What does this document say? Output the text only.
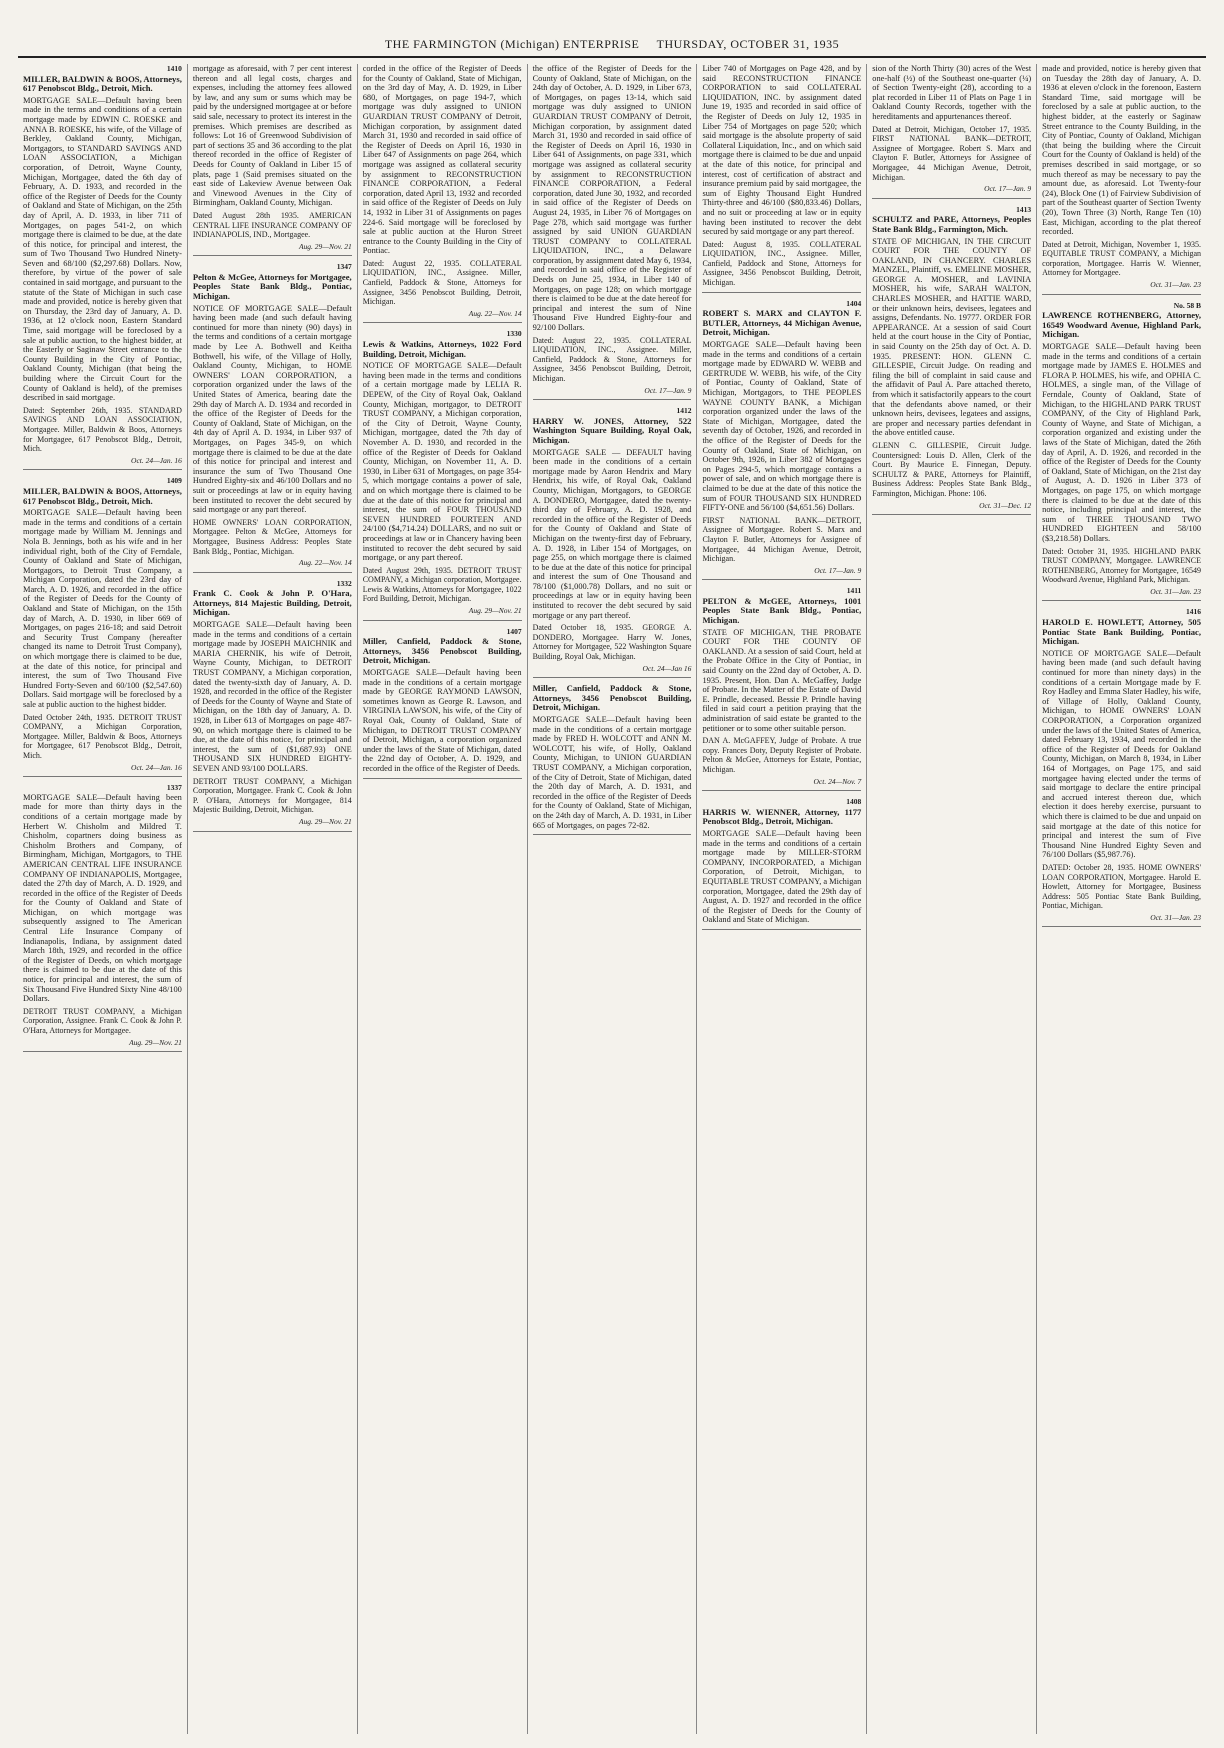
THE FARMINGTON (Michigan) ENTERPRISE THURSDAY, OCTOBER 31, 1935
1410
MILLER, BALDWIN & BOOS, Attorneys, 617 Penobscot Bldg., Detroit, Mich.
MORTGAGE SALE—Default having been made in the terms and conditions of a certain mortgage made by EDWIN C. ROESKE and ANNA B. ROESKE, his wife, of the Village of Berkley, Oakland County, Michigan, Mortgagors, to STANDARD SAVINGS AND LOAN ASSOCIATION, a Michigan corporation, of Detroit, Wayne County, Michigan, Mortgagee, dated the 6th day of February, A. D. 1933, and recorded in the office of the Register of Deeds for the County of Oakland and State of Michigan, on the 25th day of April, A. D. 1933, in liber 711 of Mortgages, on pages 541-2, on which mortgage there is claimed to be due, at the date of this notice, for principal and interest, the sum of Two Thousand Two Hundred Ninety-Seven and 68/100 ($2,297.68) Dollars. Now, therefore, by virtue of the power of sale contained in said mortgage, and pursuant to the statute of the State of Michigan in such case made and provided, notice is hereby given that on Thursday, the 23rd day of January, A. D. 1936, at 12 o'clock noon, Eastern Standard Time, said mortgage will be foreclosed by a sale at public auction, to the highest bidder, at the Easterly or Saginaw Street entrance to the County Building in the City of Pontiac, Oakland County, Michigan (that being the building where the Circuit Court for the County of Oakland is held), of the premises described in said mortgage.
Dated: September 26th, 1935. STANDARD SAVINGS AND LOAN ASSOCIATION, Mortgagee. Miller, Baldwin & Boos, Attorneys for Mortgagee, 617 Penobscot Bldg., Detroit, Mich.
Oct. 24—Jan. 16
1409
MILLER, BALDWIN & BOOS, Attorneys, 617 Penobscot Bldg., Detroit, Mich.
MORTGAGE SALE—Default having been made in the terms and conditions of a certain mortgage made by William M. Jennings and Nola B. Jennings, both as his wife and in her individual right, both of the City of Ferndale, County of Oakland and State of Michigan, Mortgagors, to Detroit Trust Company, a Michigan Corporation, dated the 23rd day of March, A. D. 1926, and recorded in the office of the Register of Deeds for the County of Oakland and State of Michigan, on the 15th day of March, A. D. 1930, in liber 669 of Mortgages, on pages 216-18; and said Detroit and Security Trust Company (hereafter changed its name to Detroit Trust Company), on which mortgage there is claimed to be due, at the date of this notice, for principal and interest, the sum of Two Thousand Five Hundred Forty-Seven and 60/100 ($2,547.60) Dollars. Said mortgage will be foreclosed by a sale at public auction to the highest bidder.
Dated October 24th, 1935. DETROIT TRUST COMPANY, a Michigan Corporation, Mortgagee. Miller, Baldwin & Boos, Attorneys for Mortgagee, 617 Penobscot Bldg., Detroit, Mich.
Oct. 24—Jan. 16
1337
MORTGAGE SALE—Default having been made for more than thirty days in the conditions of a certain mortgage made by Herbert W. Chisholm and Mildred T. Chisholm, copartners doing business as Chisholm Brothers and Company, of Birmingham, Michigan, Mortgagors, to THE AMERICAN CENTRAL LIFE INSURANCE COMPANY OF INDIANAPOLIS, Mortgagee, dated the 27th day of March, A. D. 1929, and recorded in the office of the Register of Deeds for the County of Oakland and State of Michigan, on which mortgage was subsequently assigned to The American Central Life Insurance Company of Indianapolis, Indiana, by assignment dated March 18th, 1929, and recorded in the office of the Register of Deeds, on which mortgage there is claimed to be due at the date of this notice, for principal and interest, the sum of Six Thousand Five Hundred Sixty Nine 48/100 Dollars.
DETROIT TRUST COMPANY, a Michigan Corporation, Assignee. Frank C. Cook & John P. O'Hara, Attorneys for Mortgagee.
Aug. 29—Nov. 21
mortgage as aforesaid, with 7 per cent interest thereon and all legal costs, charges and expenses, including the attorney fees allowed by law, and any sum or sums which may be paid by the undersigned mortgagee at or before said sale, necessary to protect its interest in the premises. Which premises are described as follows: Lot 16 of Greenwood Subdivision of part of sections 35 and 36 according to the plat thereof recorded in the office of Register of Deeds for County of Oakland in Liber 15 of plats, page 1 (Said premises situated on the east side of Lakeview Avenue between Oak and Vinewood Avenues in the City of Birmingham, Oakland County, Michigan.
Dated August 28th 1935. AMERICAN CENTRAL LIFE INSURANCE COMPANY OF INDIANAPOLIS, IND., Mortgagee.
Aug. 29—Nov. 21
1347
Pelton & McGee, Attorneys for Mortgagee, Peoples State Bank Bldg., Pontiac, Michigan.
NOTICE OF MORTGAGE SALE—Default having been made (and such default having continued for more than ninety (90) days) in the terms and conditions of a certain mortgage made by Lee A. Bothwell and Keitha Bothwell, his wife, of the Village of Holly, Oakland County, Michigan, to HOME OWNERS' LOAN CORPORATION, a corporation organized under the laws of the United States of America, bearing date the 29th day of March A. D. 1934 and recorded in the office of the Register of Deeds for the County of Oakland, State of Michigan, on the 4th day of April A. D. 1934, in Liber 937 of Mortgages, on Pages 345-9, on which mortgage there is claimed to be due at the date of this notice for principal and interest and insurance the sum of Two Thousand One Hundred Eighty-six and 46/100 Dollars and no suit or proceedings at law or in equity having been instituted to recover the debt secured by said mortgage or any part thereof.
HOME OWNERS' LOAN CORPORATION, Mortgagee. Pelton & McGee, Attorneys for Mortgagee, Business Address: Peoples State Bank Bldg., Pontiac, Michigan.
Aug. 22—Nov. 14
1332
Frank C. Cook & John P. O'Hara, Attorneys, 814 Majestic Building, Detroit, Michigan.
MORTGAGE SALE—Default having been made in the terms and conditions of a certain mortgage made by JOSEPH MAICHNIK and MARIA CHERNIK, his wife of Detroit, Wayne County, Michigan, to DETROIT TRUST COMPANY, a Michigan corporation, dated the twenty-sixth day of January, A. D. 1928, and recorded in the office of the Register of Deeds for the County of Wayne and State of Michigan, on the 18th day of January, A. D. 1928, in Liber 613 of Mortgages on page 487-90, on which mortgage there is claimed to be due, at the date of this notice, for principal and interest, the sum of ($1,687.93) ONE THOUSAND SIX HUNDRED EIGHTY-SEVEN AND 93/100 DOLLARS.
DETROIT TRUST COMPANY, a Michigan Corporation, Mortgagee. Frank C. Cook & John P. O'Hara, Attorneys for Mortgagee, 814 Majestic Building, Detroit, Michigan.
Aug. 29—Nov. 21
corded in the office of the Register of Deeds for the County of Oakland, State of Michigan, on the 3rd day of May, A. D. 1929, in Liber 680, of Mortgages, on page 194-7, which mortgage was duly assigned to UNION GUARDIAN TRUST COMPANY of Detroit, Michigan corporation, by assignment dated March 31, 1930 and recorded in said office of the Register of Deeds on April 16, 1930 in Liber 647 of Assignments on page 264, which mortgage was assigned as collateral security by assignment to RECONSTRUCTION FINANCE CORPORATION, a Federal corporation, dated April 13, 1932 and recorded in said office of the Register of Deeds on July 14, 1932 in Liber 31 of Assignments on pages 224-6. Said mortgage will be foreclosed by sale at public auction at the Huron Street entrance to the County Building in the City of Pontiac.
Dated: August 22, 1935. COLLATERAL LIQUIDATION, INC., Assignee. Miller, Canfield, Paddock & Stone, Attorneys for Assignee, 3456 Penobscot Building, Detroit, Michigan.
Aug. 22—Nov. 14
1330
Lewis & Watkins, Attorneys, 1022 Ford Building, Detroit, Michigan.
NOTICE OF MORTGAGE SALE—Default having been made in the terms and conditions of a certain mortgage made by LELIA R. DEPEW, of the City of Royal Oak, Oakland County, Michigan, mortgagor, to DETROIT TRUST COMPANY, a Michigan corporation, of the City of Detroit, Wayne County, Michigan, mortgagee, dated the 7th day of November A. D. 1930, and recorded in the office of the Register of Deeds for Oakland County, Michigan, on November 11, A. D. 1930, in Liber 631 of Mortgages, on page 354-5, which mortgage contains a power of sale, and on which mortgage there is claimed to be due at the date of this notice for principal and interest, the sum of FOUR THOUSAND SEVEN HUNDRED FOURTEEN AND 24/100 ($4,714.24) DOLLARS, and no suit or proceedings at law or in Chancery having been instituted to recover the debt secured by said mortgage, or any part thereof.
Dated August 29th, 1935. DETROIT TRUST COMPANY, a Michigan corporation, Mortgagee. Lewis & Watkins, Attorneys for Mortgagee, 1022 Ford Building, Detroit, Michigan.
Aug. 29—Nov. 21
1407
Miller, Canfield, Paddock & Stone, Attorneys, 3456 Penobscot Building, Detroit, Michigan.
MORTGAGE SALE—Default having been made in the conditions of a certain mortgage made by GEORGE RAYMOND LAWSON, sometimes known as George R. Lawson, and VIRGINIA LAWSON, his wife, of the City of Royal Oak, County of Oakland, State of Michigan, to DETROIT TRUST COMPANY of Detroit, Michigan, a corporation organized under the laws of the State of Michigan, dated the 22nd day of October, A. D. 1929, and recorded in the office of the Register of Deeds.
the office of the Register of Deeds for the County of Oakland, State of Michigan, on the 24th day of October, A. D. 1929, in Liber 673, of Mortgages, on pages 13-14, which said mortgage was duly assigned to UNION GUARDIAN TRUST COMPANY of Detroit, Michigan corporation, by assignment dated March 31, 1930 and recorded in said office of the Register of Deeds on April 16, 1930 in Liber 641 of Assignments, on page 331, which mortgage was assigned as collateral security by assignment to RECONSTRUCTION FINANCE CORPORATION, a Federal corporation, dated June 30, 1932, and recorded in said office of the Register of Deeds on August 24, 1935, in Liber 76 of Mortgages on Page 278, which said mortgage was further assigned by said UNION GUARDIAN TRUST COMPANY to COLLATERAL LIQUIDATION, INC., a Delaware corporation, by assignment dated May 6, 1934, and recorded in said office of the Register of Deeds on June 25, 1934, in Liber 140 of Mortgages, on page 128; on which mortgage there is claimed to be due at the date hereof for principal and interest the sum of Nine Thousand Five Hundred Eighty-four and 92/100 Dollars.
Dated: August 22, 1935. COLLATERAL LIQUIDATION, INC., Assignee. Miller, Canfield, Paddock & Stone, Attorneys for Assignee, 3456 Penobscot Building, Detroit, Michigan.
Oct. 17—Jan. 9
1412
HARRY W. JONES, Attorney, 522 Washington Square Building, Royal Oak, Michigan.
MORTGAGE SALE — DEFAULT having been made in the conditions of a certain mortgage made by Aaron Hendrix and Mary Hendrix, his wife, of Royal Oak, Oakland County, Michigan, Mortgagors, to GEORGE A. DONDERO, Mortgagee, dated the twenty-third day of February, A. D. 1928, and recorded in the office of the Register of Deeds for the County of Oakland and State of Michigan on the twenty-first day of February, A. D. 1928, in Liber 154 of Mortgages, on page 255, on which mortgage there is claimed to be due at the date of this notice for principal and interest the sum of One Thousand and 78/100 ($1,000.78) Dollars, and no suit or proceedings at law or in equity having been instituted to recover the debt secured by said mortgage or any part thereof.
Dated October 18, 1935. GEORGE A. DONDERO, Mortgagee. Harry W. Jones, Attorney for Mortgagee, 522 Washington Square Building, Royal Oak, Michigan.
Oct. 24—Jan 16
Miller, Canfield, Paddock & Stone, Attorneys, 3456 Penobscot Building, Detroit, Michigan.
MORTGAGE SALE—Default having been made in the conditions of a certain mortgage made by FRED H. WOLCOTT and ANN M. WOLCOTT, his wife, of Holly, Oakland County, Michigan, to UNION GUARDIAN TRUST COMPANY, a Michigan corporation, of the City of Detroit, State of Michigan, dated the 20th day of March, A. D. 1931, and recorded in the office of the Register of Deeds for the County of Oakland, State of Michigan, on the 24th day of March, A. D. 1931, in Liber 665 of Mortgages, on pages 72-82.
Liber 740 of Mortgages on Page 428, and by said RECONSTRUCTION FINANCE CORPORATION to said COLLATERAL LIQUIDATION, INC. by assignment dated June 19, 1935 and recorded in said office of the Register of Deeds on July 12, 1935 in Liber 754 of Mortgages on page 520; which said mortgage is the absolute property of said Collateral Liquidation, Inc., and on which said mortgage there is claimed to be due and unpaid at the date of this notice, for principal and interest, cost of certification of abstract and insurance premium paid by said mortgagee, the sum of Eighty Thousand Eight Hundred Thirty-three and 46/100 ($80,833.46) Dollars, and no suit or proceeding at law or in equity having been instituted to recover the debt secured by said mortgage or any part thereof.
Dated: August 8, 1935. COLLATERAL LIQUIDATION, INC., Assignee. Miller, Canfield, Paddock and Stone, Attorneys for Assignee, 3456 Penobscot Building, Detroit, Michigan.
1404
ROBERT S. MARX and CLAYTON F. BUTLER, Attorneys, 44 Michigan Avenue, Detroit, Michigan.
MORTGAGE SALE—Default having been made in the terms and conditions of a certain mortgage made by EDWARD W. WEBB and GERTRUDE W. WEBB, his wife, of the City of Pontiac, County of Oakland, State of Michigan, Mortgagors, to THE PEOPLES WAYNE COUNTY BANK, a Michigan corporation organized under the laws of the State of Michigan, Mortgagee, dated the seventh day of October, 1926, and recorded in the office of the Register of Deeds for the County of Oakland, State of Michigan, on October 9th, 1926, in Liber 382 of Mortgages on Pages 294-5, which mortgage contains a power of sale, and on which mortgage there is claimed to be due at the date of this notice the sum of FOUR THOUSAND SIX HUNDRED FIFTY-ONE and 56/100 ($4,651.56) Dollars.
FIRST NATIONAL BANK—DETROIT, Assignee of Mortgagee. Robert S. Marx and Clayton F. Butler, Attorneys for Assignee of Mortgagee, 44 Michigan Avenue, Detroit, Michigan.
Oct. 17—Jan. 9
1411
PELTON & McGEE, Attorneys, 1001 Peoples State Bank Bldg., Pontiac, Michigan.
STATE OF MICHIGAN, THE PROBATE COURT FOR THE COUNTY OF OAKLAND. At a session of said Court, held at the Probate Office in the City of Pontiac, in said County on the 22nd day of October, A. D. 1935. Present, Hon. Dan A. McGaffey, Judge of Probate. In the Matter of the Estate of David E. Prindle, deceased. Bessie P. Prindle having filed in said court a petition praying that the administration of said estate be granted to the petitioner or to some other suitable person.
DAN A. McGAFFEY, Judge of Probate. A true copy. Frances Doty, Deputy Register of Probate. Pelton & McGee, Attorneys for Estate, Pontiac, Michigan.
Oct. 24—Nov. 7
1408
HARRIS W. WIENNER, Attorney, 1177 Penobscot Bldg., Detroit, Michigan.
MORTGAGE SALE—Default having been made in the terms and conditions of a certain mortgage made by MILLER-STORM COMPANY, INCORPORATED, a Michigan Corporation, of Detroit, Michigan, to EQUITABLE TRUST COMPANY, a Michigan corporation, Mortgagee, dated the 29th day of August, A. D. 1927 and recorded in the office of the Register of Deeds for the County of Oakland and State of Michigan.
sion of the North Thirty (30) acres of the West one-half (½) of the Southeast one-quarter (¼) of Section Twenty-eight (28), according to a plat recorded in Liber 11 of Plats on Page 1 in Oakland County Records, together with the hereditaments and appurtenances thereof.
Dated at Detroit, Michigan, October 17, 1935. FIRST NATIONAL BANK—DETROIT, Assignee of Mortgagee. Robert S. Marx and Clayton F. Butler, Attorneys for Assignee of Mortgagee, 44 Michigan Avenue, Detroit, Michigan.
Oct. 17—Jan. 9
1413
SCHULTZ and PARE, Attorneys, Peoples State Bank Bldg., Farmington, Mich.
STATE OF MICHIGAN, IN THE CIRCUIT COURT FOR THE COUNTY OF OAKLAND, IN CHANCERY. CHARLES MANZEL, Plaintiff, vs. EMELINE MOSHER, GEORGE A. MOSHER, and LAVINIA MOSHER, his wife, SARAH WALTON, CHARLES MOSHER, and HATTIE WARD, or their unknown heirs, devisees, legatees and assigns, Defendants. No. 19777. ORDER FOR APPEARANCE. At a session of said Court held at the court house in the City of Pontiac, in said County on the 25th day of Oct. A. D. 1935. PRESENT: HON. GLENN C. GILLESPIE, Circuit Judge. On reading and filing the bill of complaint in said cause and the affidavit of Paul A. Pare attached thereto, from which it satisfactorily appears to the court that the defendants above named, or their unknown heirs, devisees, legatees and assigns, are proper and necessary parties defendant in the above entitled cause.
GLENN C. GILLESPIE, Circuit Judge. Countersigned: Louis D. Allen, Clerk of the Court. By Maurice E. Finnegan, Deputy. SCHULTZ & PARE, Attorneys for Plaintiff, Business Address: Peoples State Bank Bldg., Farmington, Michigan. Phone: 106.
Oct. 31—Dec. 12
made and provided, notice is hereby given that on Tuesday the 28th day of January, A. D. 1936 at eleven o'clock in the forenoon, Eastern Standard Time, said mortgage will be foreclosed by a sale at public auction, to the highest bidder, at the easterly or Saginaw Street entrance to the County Building, in the City of Pontiac, County of Oakland, Michigan (that being the building where the Circuit Court for the County of Oakland is held) of the premises described in said mortgage, or so much thereof as may be necessary to pay the amount due, as aforesaid. Lot Twenty-four (24), Block One (1) of Fairview Subdivision of part of the Southeast quarter of Section Twenty (20), Town Three (3) North, Range Ten (10) East, Michigan, according to the plat thereof recorded.
Dated at Detroit, Michigan, November 1, 1935. EQUITABLE TRUST COMPANY, a Michigan corporation, Mortgagee. Harris W. Wienner, Attorney for Mortgagee.
Oct. 31—Jan. 23
No. 58 B
LAWRENCE ROTHENBERG, Attorney, 16549 Woodward Avenue, Highland Park, Michigan.
MORTGAGE SALE—Default having been made in the terms and conditions of a certain mortgage made by JAMES E. HOLMES and FLORA P. HOLMES, his wife, and OPHIA C. HOLMES, a single man, of the Village of Ferndale, County of Oakland, State of Michigan, to the HIGHLAND PARK TRUST COMPANY, of the City of Highland Park, County of Wayne, and State of Michigan, a corporation organized and existing under the laws of the State of Michigan, dated the 26th day of April, A. D. 1926, and recorded in the office of the Register of Deeds for the County of Oakland, State of Michigan, on the 21st day of August, A. D. 1926 in Liber 373 of Mortgages, on page 175, on which mortgage there is claimed to be due at the date of this notice, including principal and interest, the sum of THREE THOUSAND TWO HUNDRED EIGHTEEN and 58/100 ($3,218.58) Dollars.
Dated: October 31, 1935. HIGHLAND PARK TRUST COMPANY, Mortgagee. LAWRENCE ROTHENBERG, Attorney for Mortgagee, 16549 Woodward Avenue, Highland Park, Michigan.
Oct. 31—Jan. 23
1416
HAROLD E. HOWLETT, Attorney, 505 Pontiac State Bank Building, Pontiac, Michigan.
NOTICE OF MORTGAGE SALE—Default having been made (and such default having continued for more than ninety days) in the conditions of a certain Mortgage made by F. Roy Hadley and Emma Slater Hadley, his wife, of Village of Holly, Oakland County, Michigan, to HOME OWNERS' LOAN CORPORATION, a Corporation organized under the laws of the United States of America, dated February 13, 1934, and recorded in the office of the Register of Deeds for Oakland County, Michigan, on March 8, 1934, in Liber 164 of Mortgages, on Page 175, and said mortgagee having elected under the terms of said mortgage to declare the entire principal and accrued interest thereon due, which election it does hereby exercise, pursuant to which there is claimed to be due and unpaid on said mortgage at the date of this notice for principal and interest the sum of Five Thousand Nine Hundred Eighty Seven and 76/100 Dollars ($5,987.76).
DATED: October 28, 1935. HOME OWNERS' LOAN CORPORATION, Mortgagee. Harold E. Howlett, Attorney for Mortgagee, Business Address: 505 Pontiac State Bank Building, Pontiac, Michigan.
Oct. 31—Jan. 23
